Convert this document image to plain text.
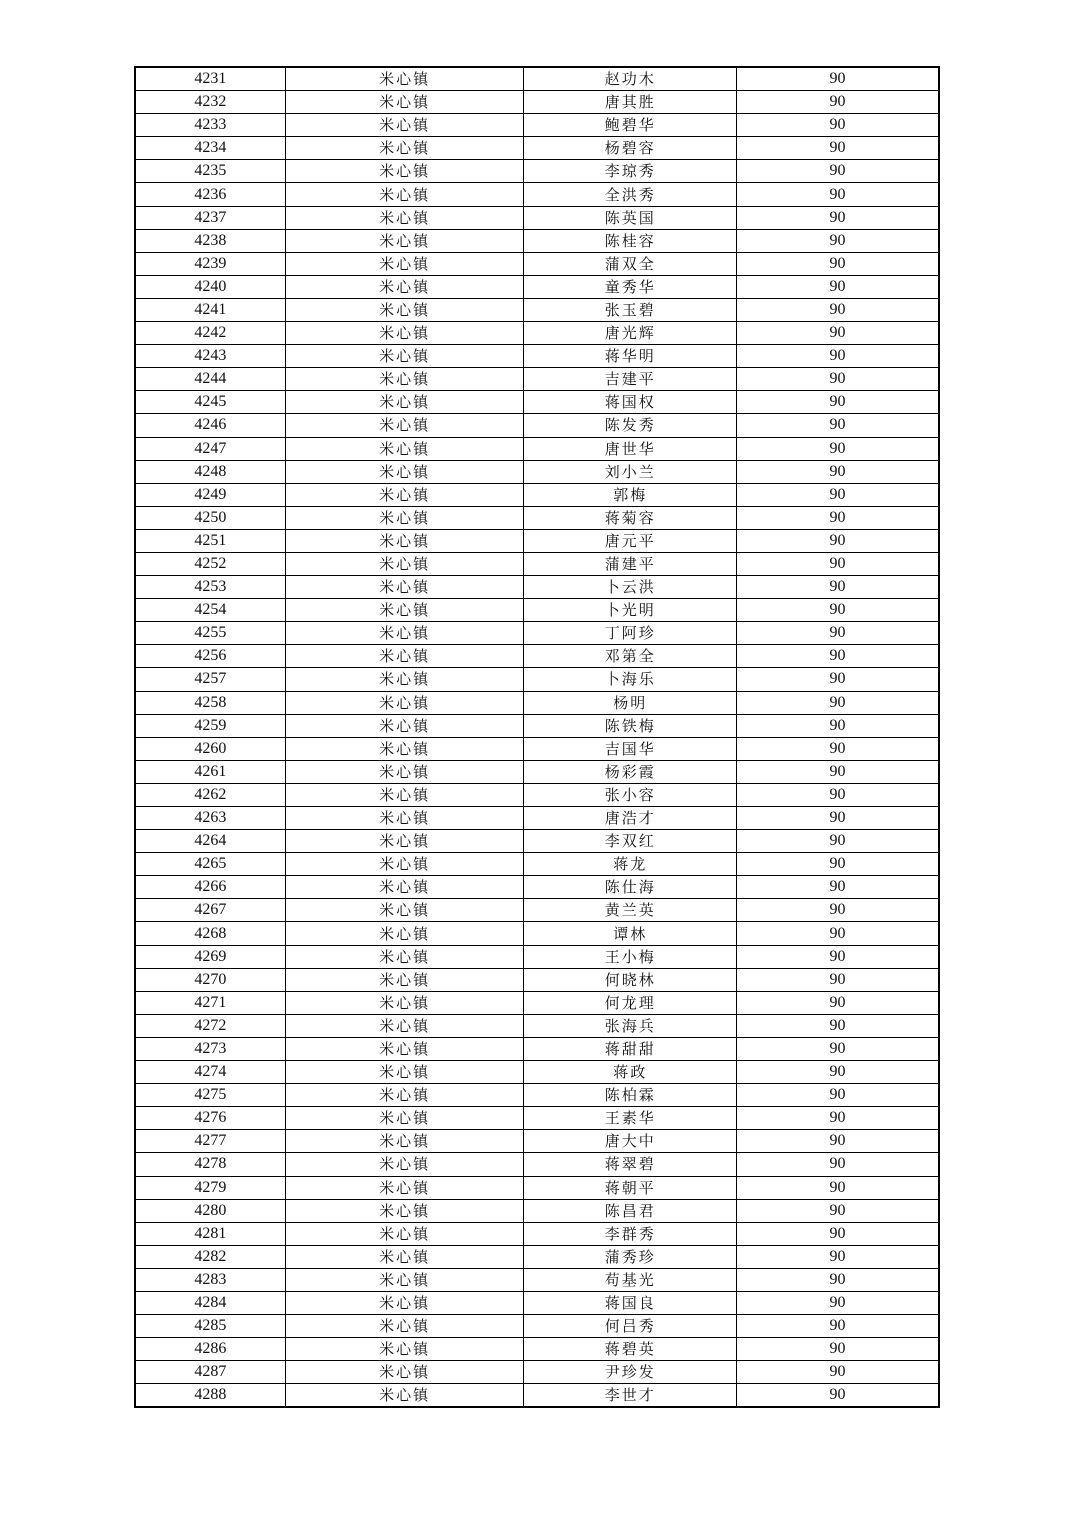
4231	米心镇	赵功木	90
4232	米心镇	唐其胜	90
4233	米心镇	鲍碧华	90
4234	米心镇	杨碧容	90
4235	米心镇	李琼秀	90
4236	米心镇	全洪秀	90
4237	米心镇	陈英国	90
4238	米心镇	陈桂容	90
4239	米心镇	蒲双全	90
4240	米心镇	童秀华	90
4241	米心镇	张玉碧	90
4242	米心镇	唐光辉	90
4243	米心镇	蒋华明	90
4244	米心镇	吉建平	90
4245	米心镇	蒋国权	90
4246	米心镇	陈发秀	90
4247	米心镇	唐世华	90
4248	米心镇	刘小兰	90
4249	米心镇	郭梅	90
4250	米心镇	蒋菊容	90
4251	米心镇	唐元平	90
4252	米心镇	蒲建平	90
4253	米心镇	卜云洪	90
4254	米心镇	卜光明	90
4255	米心镇	丁阿珍	90
4256	米心镇	邓第全	90
4257	米心镇	卜海乐	90
4258	米心镇	杨明	90
4259	米心镇	陈铁梅	90
4260	米心镇	吉国华	90
4261	米心镇	杨彩霞	90
4262	米心镇	张小容	90
4263	米心镇	唐浩才	90
4264	米心镇	李双红	90
4265	米心镇	蒋龙	90
4266	米心镇	陈仕海	90
4267	米心镇	黄兰英	90
4268	米心镇	谭林	90
4269	米心镇	王小梅	90
4270	米心镇	何晓林	90
4271	米心镇	何龙理	90
4272	米心镇	张海兵	90
4273	米心镇	蒋甜甜	90
4274	米心镇	蒋政	90
4275	米心镇	陈柏霖	90
4276	米心镇	王素华	90
4277	米心镇	唐大中	90
4278	米心镇	蒋翠碧	90
4279	米心镇	蒋朝平	90
4280	米心镇	陈昌君	90
4281	米心镇	李群秀	90
4282	米心镇	蒲秀珍	90
4283	米心镇	苟基光	90
4284	米心镇	蒋国良	90
4285	米心镇	何吕秀	90
4286	米心镇	蒋碧英	90
4287	米心镇	尹珍发	90
4288	米心镇	李世才	90
